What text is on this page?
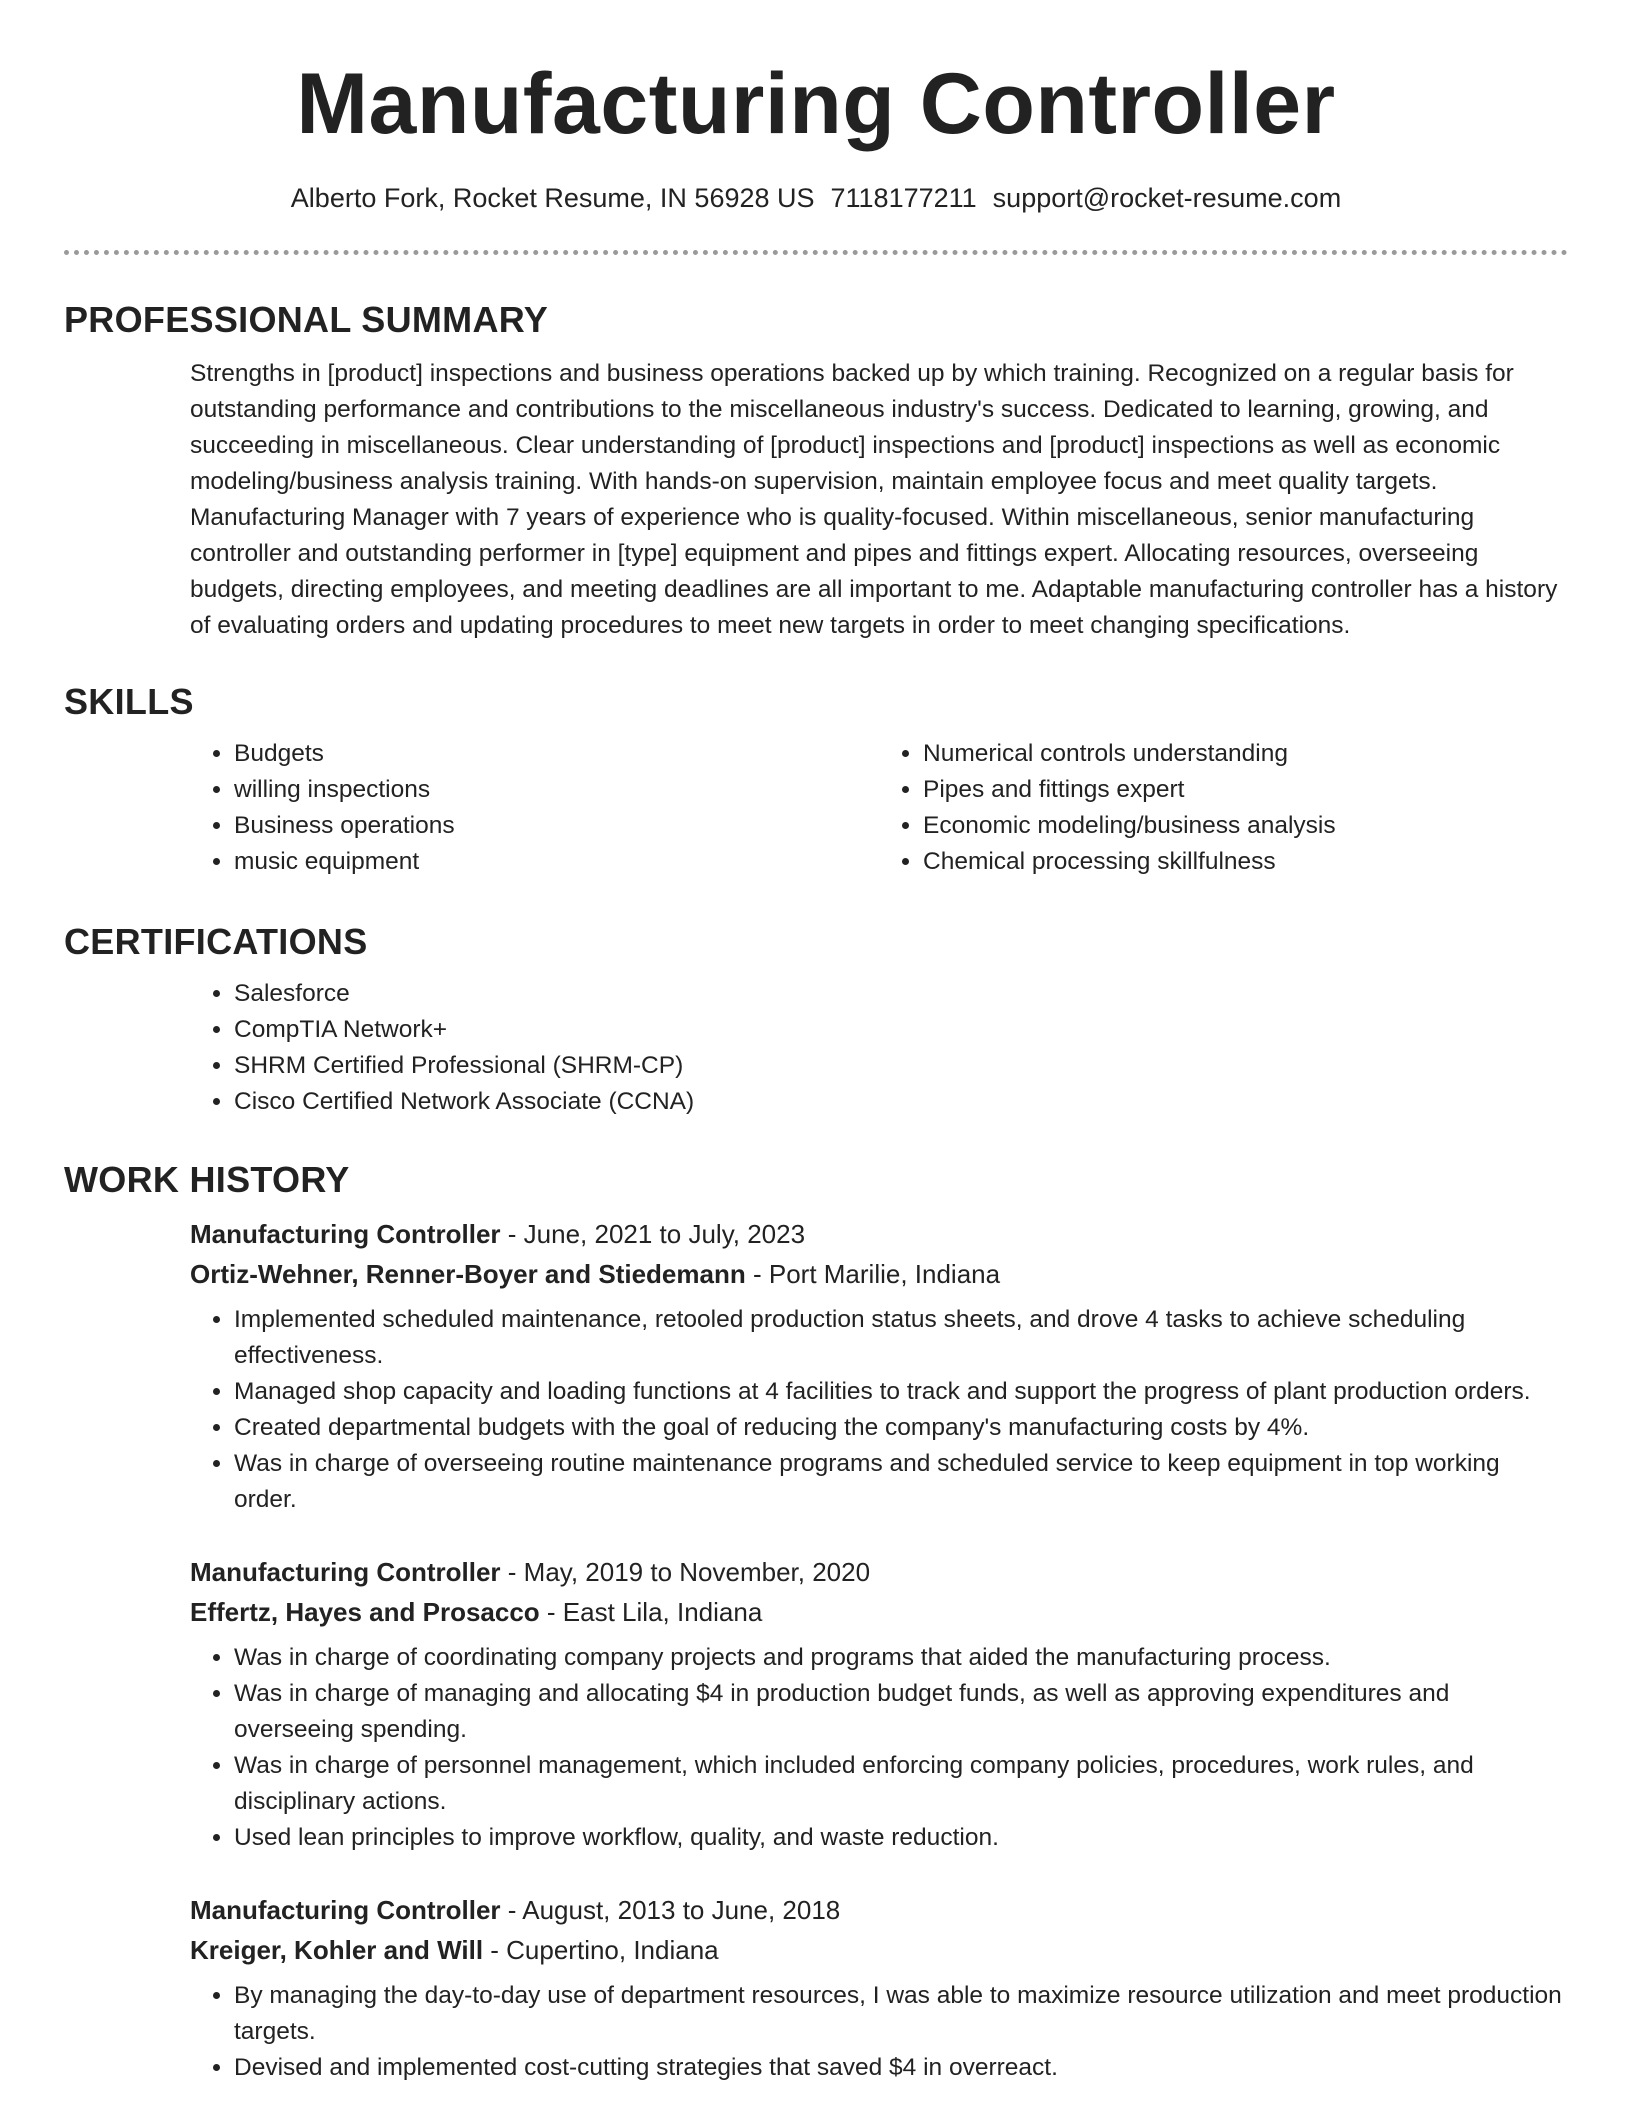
Manufacturing Controller
Alberto Fork, Rocket Resume, IN 56928 US 7118177211 support@rocket-resume.com
PROFESSIONAL SUMMARY

Strengths in [product] inspections and business operations backed up by which training. Recognized on a regular basis for outstanding performance and contributions to the miscellaneous industry's success. Dedicated to learning, growing, and succeeding in miscellaneous. Clear understanding of [product] inspections and [product] inspections as well as economic modeling/business analysis training. With hands-on supervision, maintain employee focus and meet quality targets. Manufacturing Manager with 7 years of experience who is quality-focused. Within miscellaneous, senior manufacturing controller and outstanding performer in [type] equipment and pipes and fittings expert. Allocating resources, overseeing budgets, directing employees, and meeting deadlines are all important to me. Adaptable manufacturing controller has a history of evaluating orders and updating procedures to meet new targets in order to meet changing specifications.

SKILLS
• Budgets
• willing inspections
• Business operations
• music equipment
• Numerical controls understanding
• Pipes and fittings expert
• Economic modeling/business analysis
• Chemical processing skillfulness
CERTIFICATIONS
• Salesforce
• CompTIA Network+
• SHRM Certified Professional (SHRM-CP)
• Cisco Certified Network Associate (CCNA)
WORK HISTORY
Manufacturing Controller - June, 2021 to July, 2023
Ortiz-Wehner, Renner-Boyer and Stiedemann - Port Marilie, Indiana
• Implemented scheduled maintenance, retooled production status sheets, and drove 4 tasks to achieve scheduling effectiveness.
• Managed shop capacity and loading functions at 4 facilities to track and support the progress of plant production orders.
• Created departmental budgets with the goal of reducing the company's manufacturing costs by 4%.
• Was in charge of overseeing routine maintenance programs and scheduled service to keep equipment in top working order.
Manufacturing Controller - May, 2019 to November, 2020
Effertz, Hayes and Prosacco - East Lila, Indiana
• Was in charge of coordinating company projects and programs that aided the manufacturing process.
• Was in charge of managing and allocating $4 in production budget funds, as well as approving expenditures and overseeing spending.
• Was in charge of personnel management, which included enforcing company policies, procedures, work rules, and disciplinary actions.
• Used lean principles to improve workflow, quality, and waste reduction.
Manufacturing Controller - August, 2013 to June, 2018
Kreiger, Kohler and Will - Cupertino, Indiana
• By managing the day-to-day use of department resources, I was able to maximize resource utilization and meet production targets.
• Devised and implemented cost-cutting strategies that saved $4 in overreact.
